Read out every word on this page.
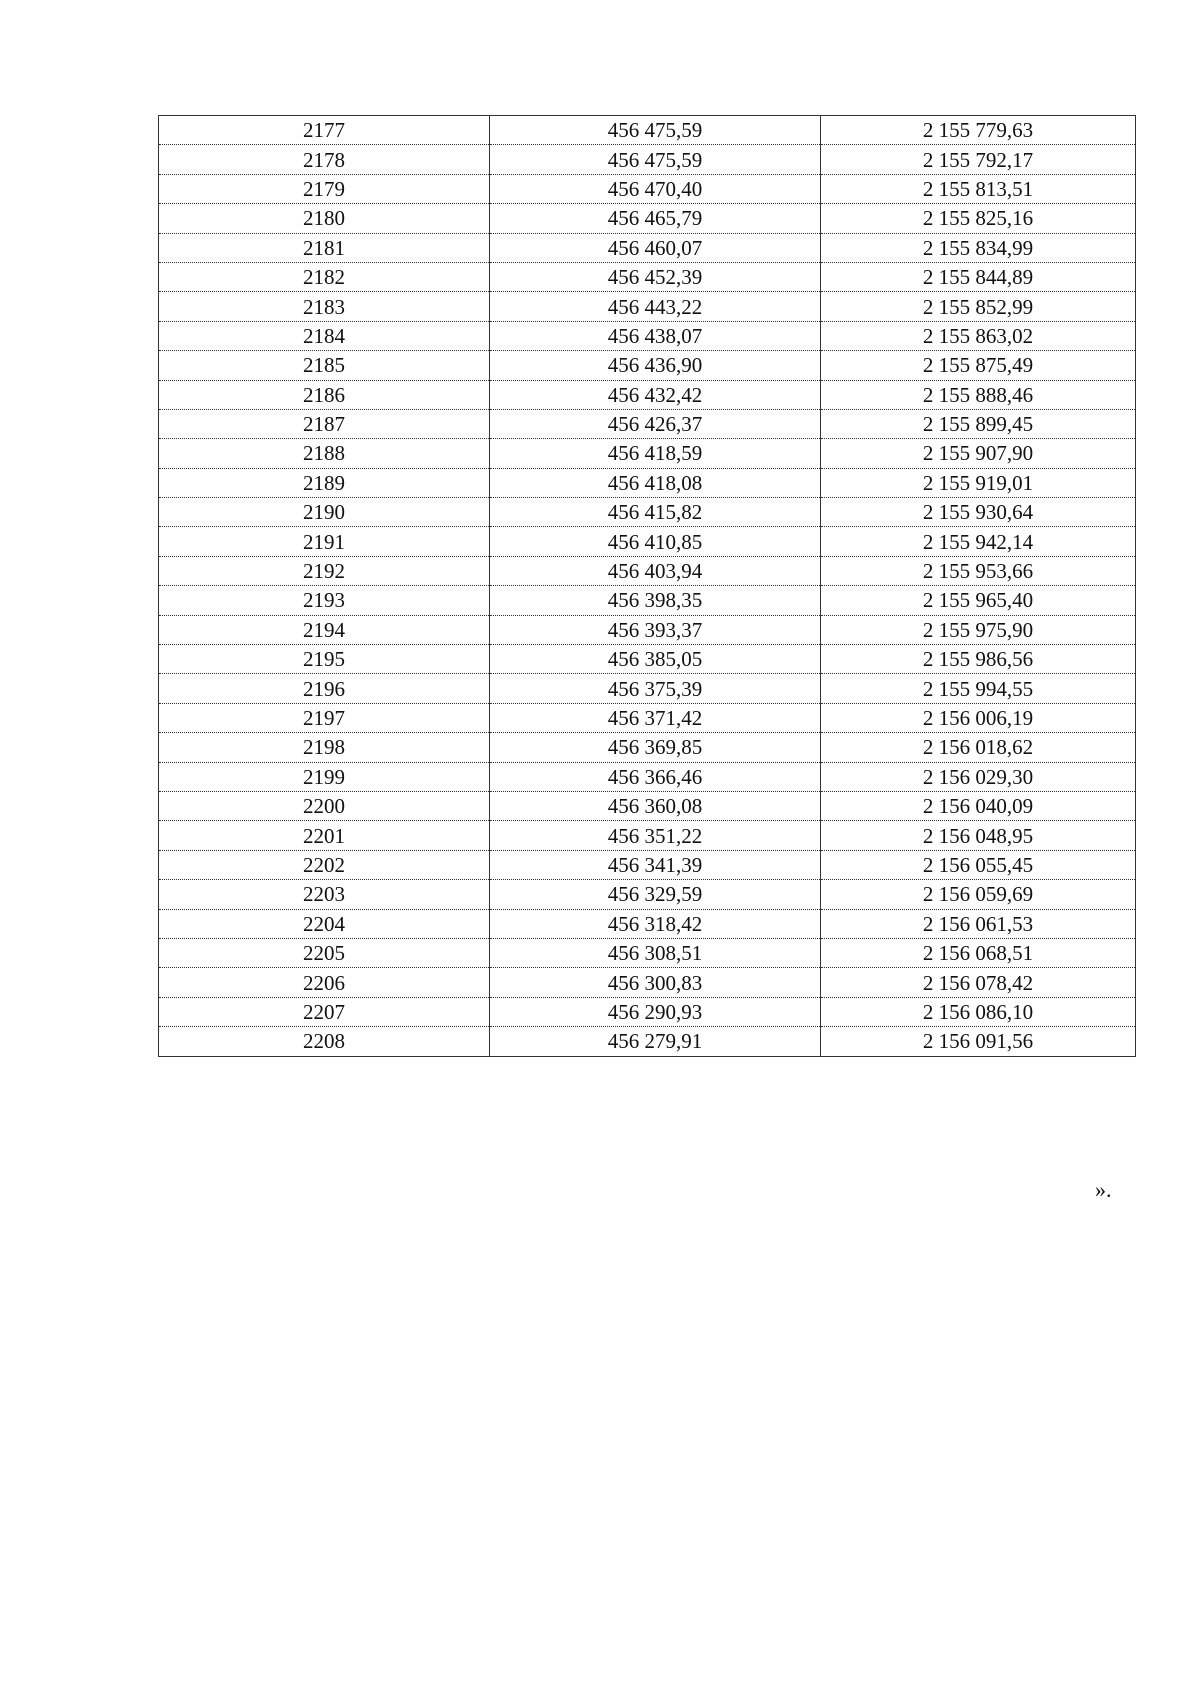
2177	456 475,59	2 155 779,63
2178	456 475,59	2 155 792,17
2179	456 470,40	2 155 813,51
2180	456 465,79	2 155 825,16
2181	456 460,07	2 155 834,99
2182	456 452,39	2 155 844,89
2183	456 443,22	2 155 852,99
2184	456 438,07	2 155 863,02
2185	456 436,90	2 155 875,49
2186	456 432,42	2 155 888,46
2187	456 426,37	2 155 899,45
2188	456 418,59	2 155 907,90
2189	456 418,08	2 155 919,01
2190	456 415,82	2 155 930,64
2191	456 410,85	2 155 942,14
2192	456 403,94	2 155 953,66
2193	456 398,35	2 155 965,40
2194	456 393,37	2 155 975,90
2195	456 385,05	2 155 986,56
2196	456 375,39	2 155 994,55
2197	456 371,42	2 156 006,19
2198	456 369,85	2 156 018,62
2199	456 366,46	2 156 029,30
2200	456 360,08	2 156 040,09
2201	456 351,22	2 156 048,95
2202	456 341,39	2 156 055,45
2203	456 329,59	2 156 059,69
2204	456 318,42	2 156 061,53
2205	456 308,51	2 156 068,51
2206	456 300,83	2 156 078,42
2207	456 290,93	2 156 086,10
2208	456 279,91	2 156 091,56
».
